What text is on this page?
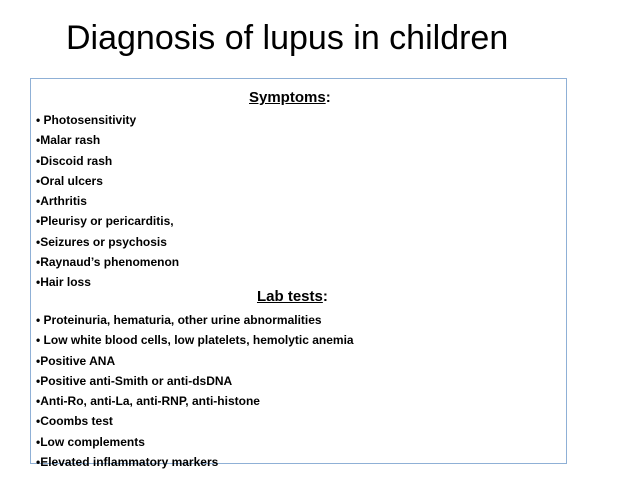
Diagnosis of lupus in children
Symptoms:
• Photosensitivity
•Malar rash
•Discoid rash
•Oral ulcers
•Arthritis
•Pleurisy or pericarditis,
•Seizures or psychosis
•Raynaud’s phenomenon
•Hair loss
Lab tests:
• Proteinuria, hematuria, other urine abnormalities
• Low white blood cells, low platelets, hemolytic anemia
•Positive ANA
•Positive anti-Smith or anti-dsDNA
•Anti-Ro, anti-La, anti-RNP, anti-histone
•Coombs test
•Low complements
•Elevated inflammatory markers
